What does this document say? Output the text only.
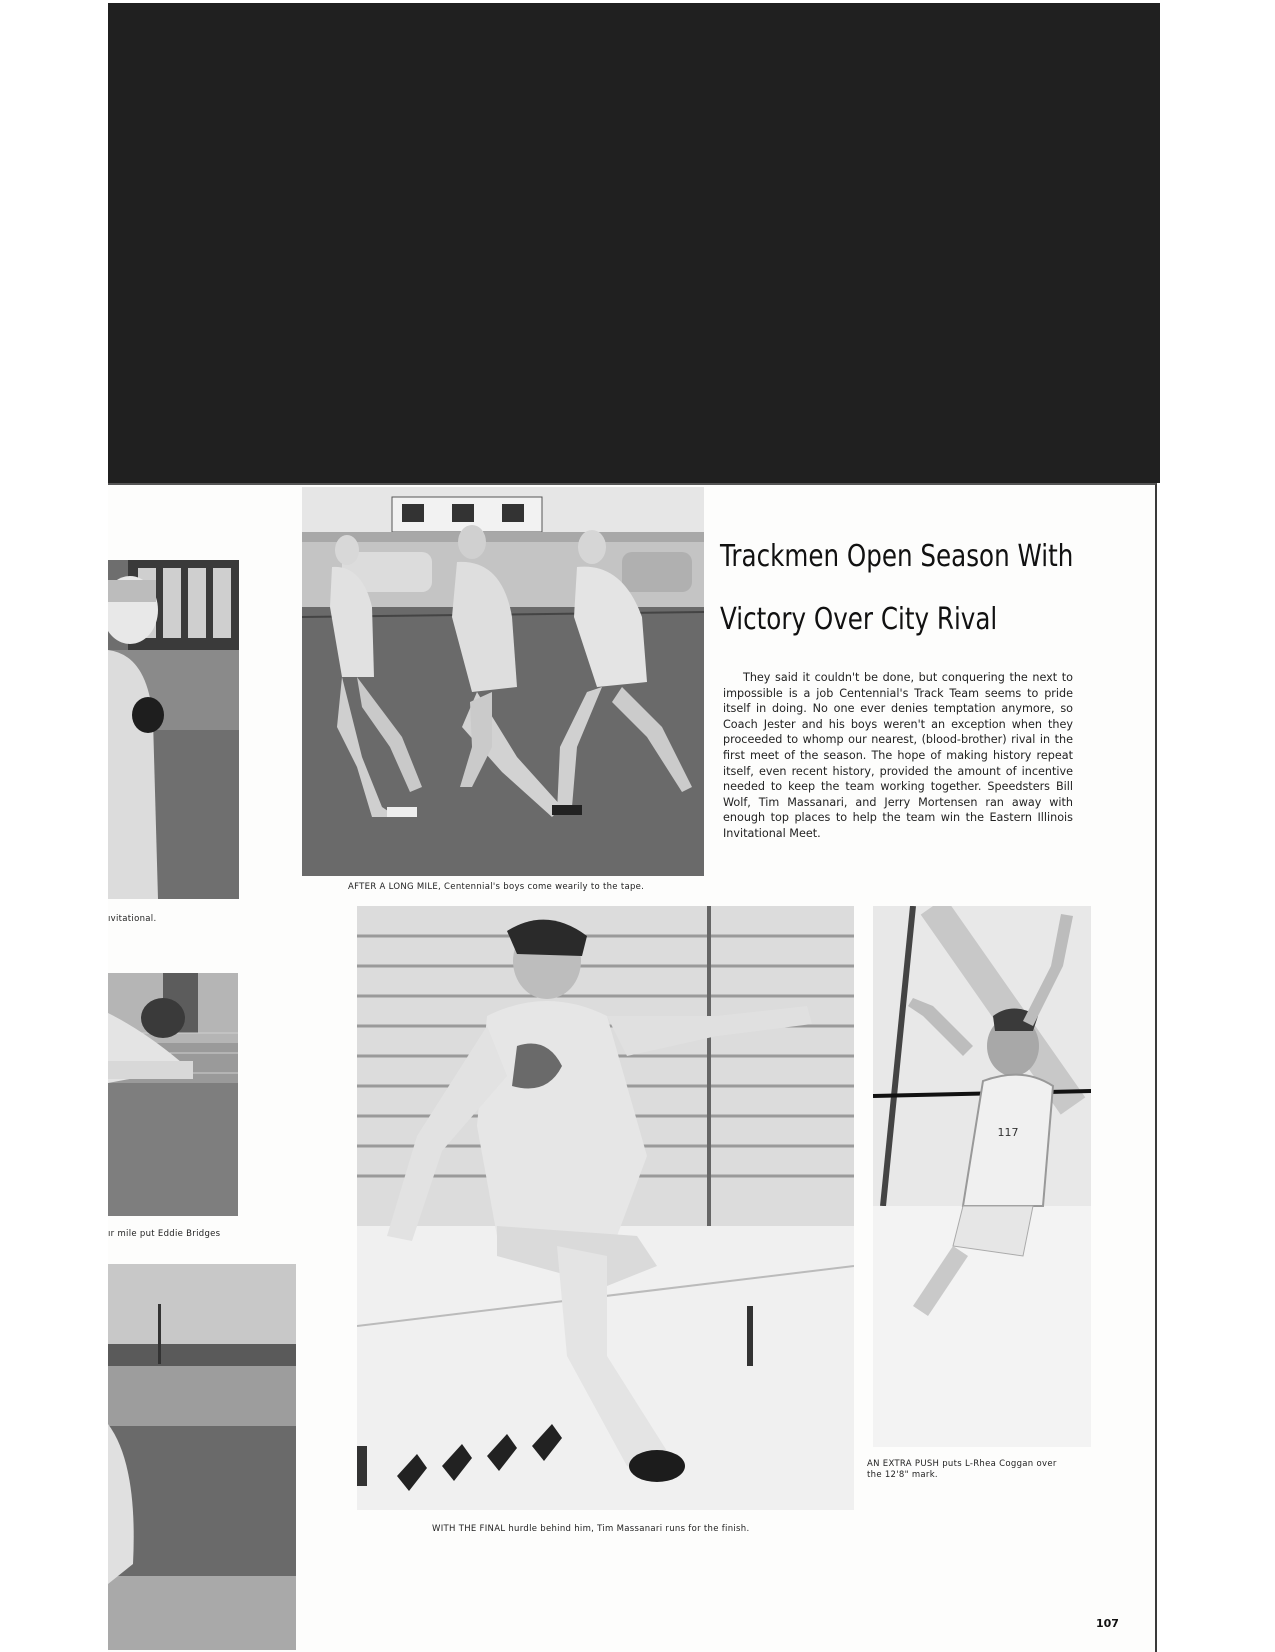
ıvitational.
ır mile put Eddie Bridges
AFTER A LONG MILE, Centennial's boys come wearily to the tape.
Trackmen Open Season With
Victory Over City Rival
They said it couldn't be done, but conquering the next to impossible is a job Centennial's Track Team seems to pride itself in doing. No one ever denies temptation anymore, so Coach Jester and his boys weren't an exception when they proceeded to whomp our nearest, (blood-brother) rival in the first meet of the season. The hope of making history repeat itself, even recent history, provided the amount of incentive needed to keep the team working together. Speedsters Bill Wolf, Tim Massanari, and Jerry Mortensen ran away with enough top places to help the team win the Eastern Illinois Invitational Meet.
WITH THE FINAL hurdle behind him, Tim Massanari runs for the finish.
117
AN EXTRA PUSH puts L-Rhea Coggan over
the 12'8" mark.
107
